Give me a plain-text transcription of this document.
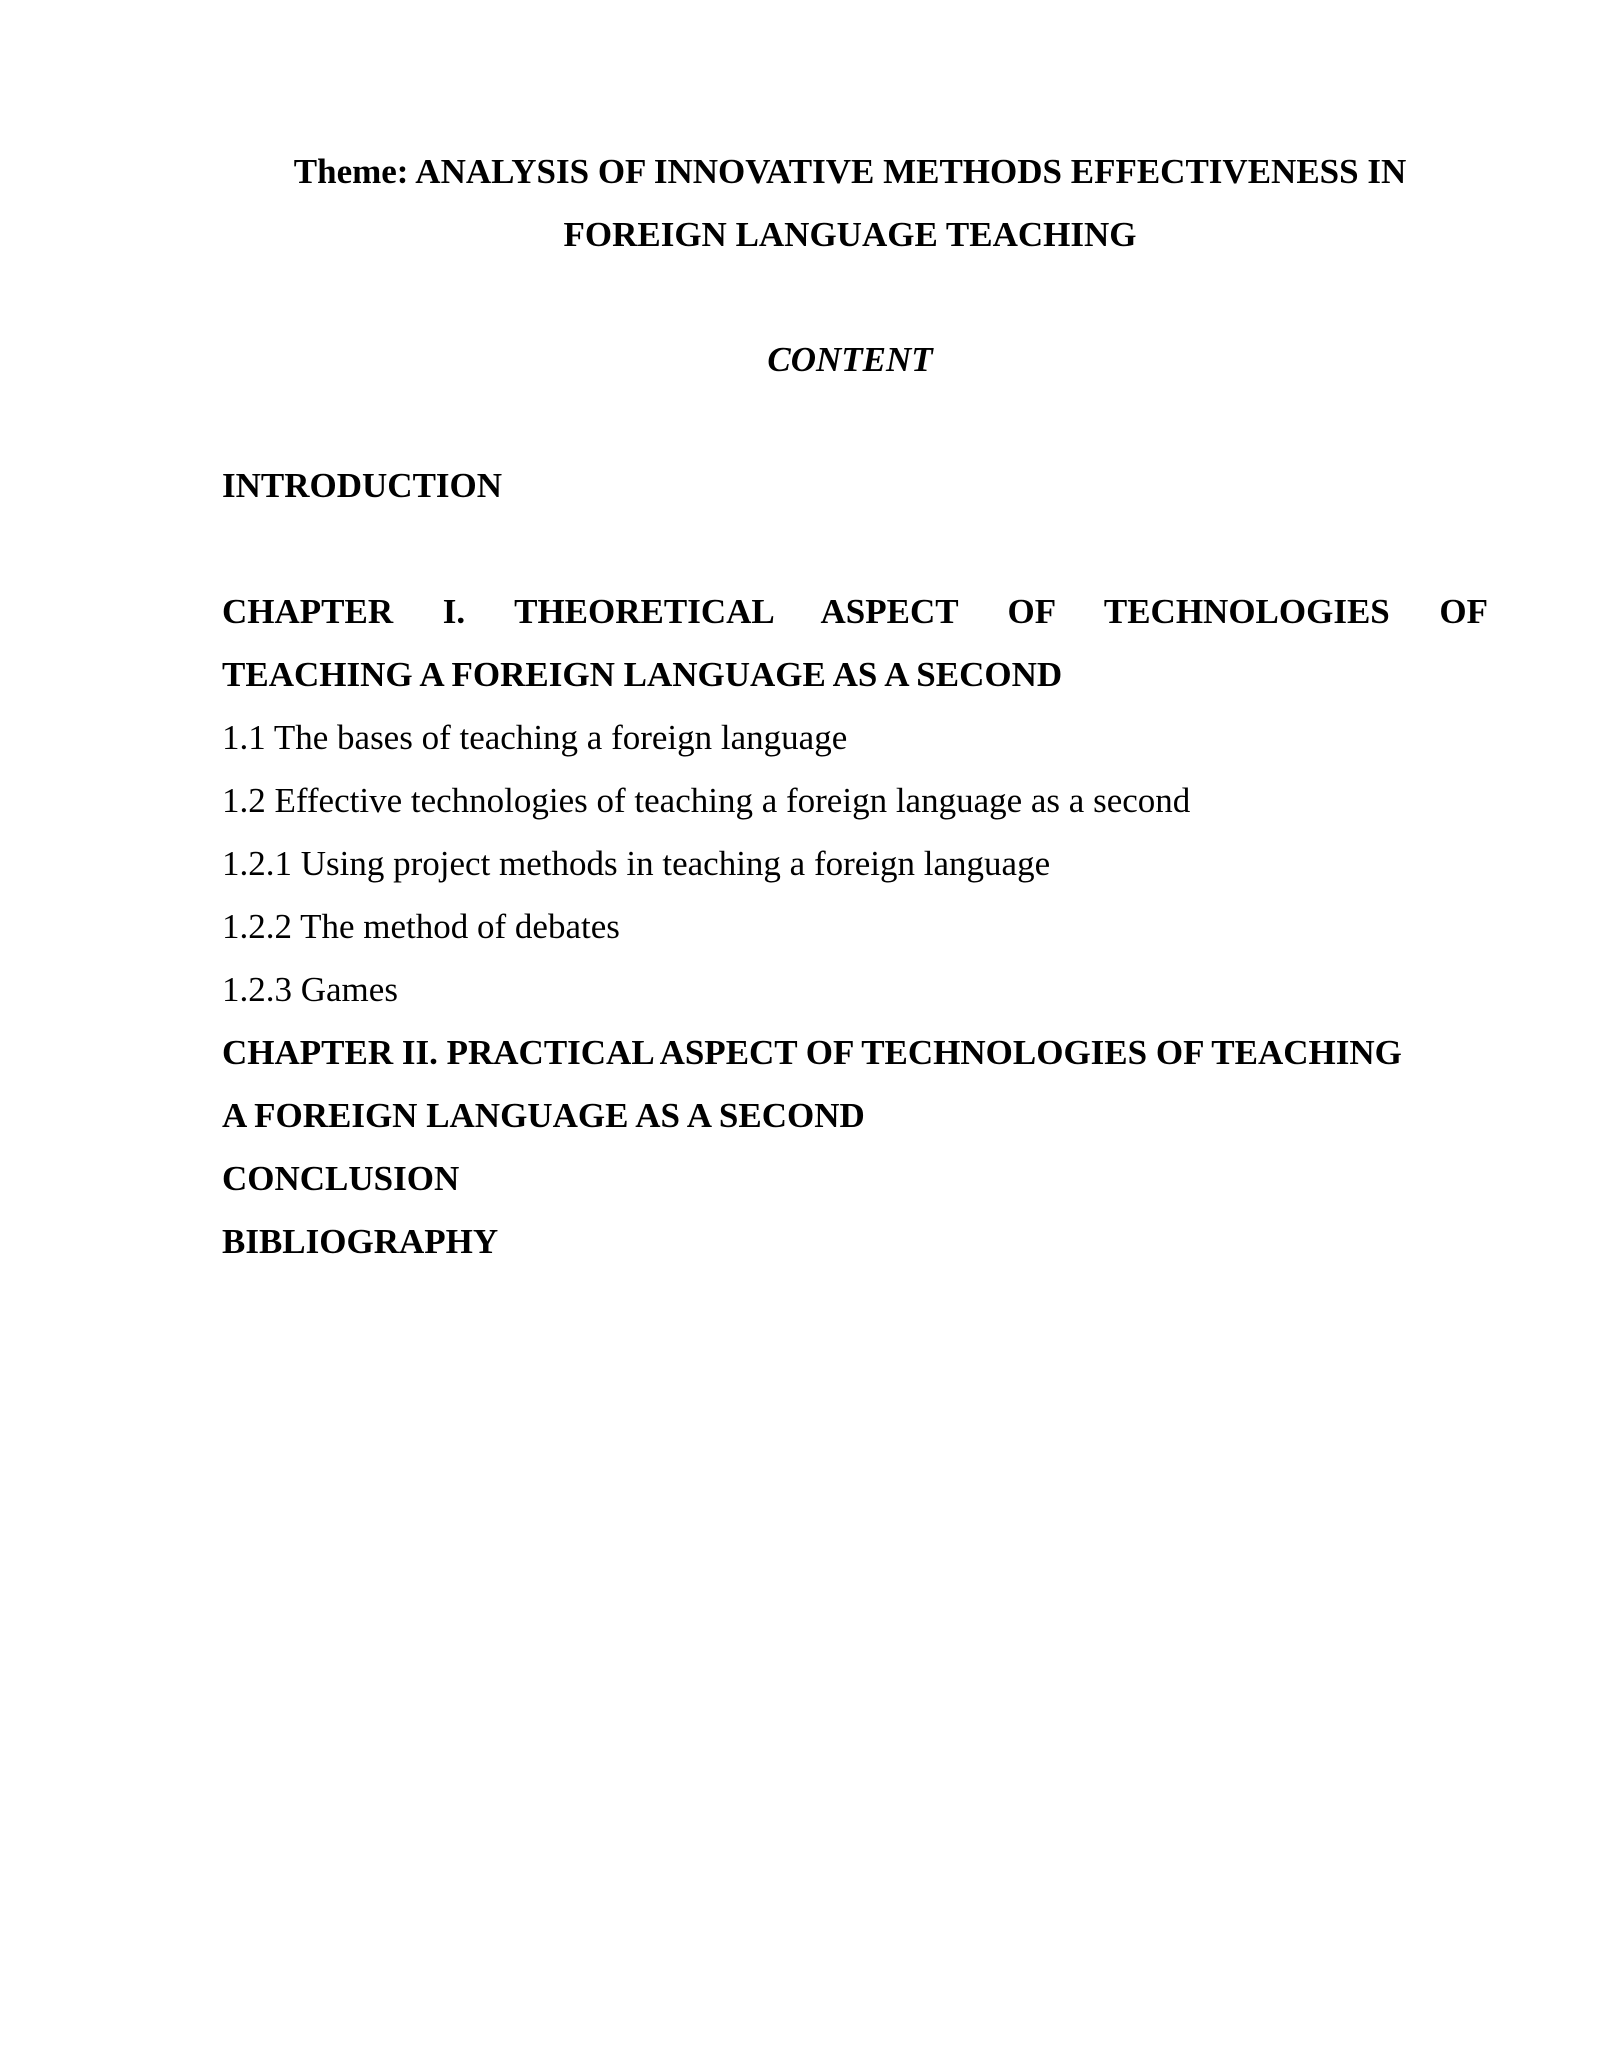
Theme: ANALYSIS OF INNOVATIVE METHODS EFFECTIVENESS IN
FOREIGN LANGUAGE TEACHING
CONTENT

INTRODUCTION

CHAPTER I. THEORETICAL ASPECT OF TECHNOLOGIES OF
TEACHING A FOREIGN LANGUAGE AS A SECOND

1.1 The bases of teaching a foreign language

1.2 Effective technologies of teaching a foreign language as a second

1.2.1 Using project methods in teaching a foreign language

1.2.2 The method of debates

1.2.3 Games

CHAPTER II. PRACTICAL ASPECT OF TECHNOLOGIES OF TEACHING
A FOREIGN LANGUAGE AS A SECOND

CONCLUSION

BIBLIOGRAPHY
